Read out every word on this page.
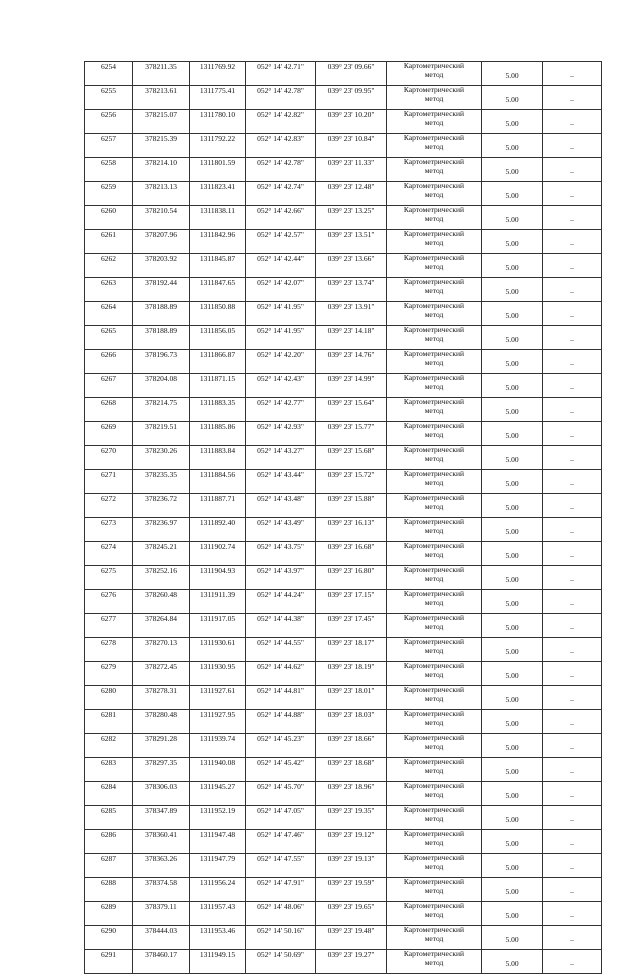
6254	378211.35	1311769.92	052° 14' 42.71"	039° 23' 09.66"	Картометрический
метод	5.00	–
6255	378213.61	1311775.41	052° 14' 42.78"	039° 23' 09.95"	Картометрический
метод	5.00	–
6256	378215.07	1311780.10	052° 14' 42.82"	039° 23' 10.20"	Картометрический
метод	5.00	–
6257	378215.39	1311792.22	052° 14' 42.83"	039° 23' 10.84"	Картометрический
метод	5.00	–
6258	378214.10	1311801.59	052° 14' 42.78"	039° 23' 11.33"	Картометрический
метод	5.00	–
6259	378213.13	1311823.41	052° 14' 42.74"	039° 23' 12.48"	Картометрический
метод	5.00	–
6260	378210.54	1311838.11	052° 14' 42.66"	039° 23' 13.25"	Картометрический
метод	5.00	–
6261	378207.96	1311842.96	052° 14' 42.57"	039° 23' 13.51"	Картометрический
метод	5.00	–
6262	378203.92	1311845.87	052° 14' 42.44"	039° 23' 13.66"	Картометрический
метод	5.00	–
6263	378192.44	1311847.65	052° 14' 42.07"	039° 23' 13.74"	Картометрический
метод	5.00	–
6264	378188.89	1311850.88	052° 14' 41.95"	039° 23' 13.91"	Картометрический
метод	5.00	–
6265	378188.89	1311856.05	052° 14' 41.95"	039° 23' 14.18"	Картометрический
метод	5.00	–
6266	378196.73	1311866.87	052° 14' 42.20"	039° 23' 14.76"	Картометрический
метод	5.00	–
6267	378204.08	1311871.15	052° 14' 42.43"	039° 23' 14.99"	Картометрический
метод	5.00	–
6268	378214.75	1311883.35	052° 14' 42.77"	039° 23' 15.64"	Картометрический
метод	5.00	–
6269	378219.51	1311885.86	052° 14' 42.93"	039° 23' 15.77"	Картометрический
метод	5.00	–
6270	378230.26	1311883.84	052° 14' 43.27"	039° 23' 15.68"	Картометрический
метод	5.00	–
6271	378235.35	1311884.56	052° 14' 43.44"	039° 23' 15.72"	Картометрический
метод	5.00	–
6272	378236.72	1311887.71	052° 14' 43.48"	039° 23' 15.88"	Картометрический
метод	5.00	–
6273	378236.97	1311892.40	052° 14' 43.49"	039° 23' 16.13"	Картометрический
метод	5.00	–
6274	378245.21	1311902.74	052° 14' 43.75"	039° 23' 16.68"	Картометрический
метод	5.00	–
6275	378252.16	1311904.93	052° 14' 43.97"	039° 23' 16.80"	Картометрический
метод	5.00	–
6276	378260.48	1311911.39	052° 14' 44.24"	039° 23' 17.15"	Картометрический
метод	5.00	–
6277	378264.84	1311917.05	052° 14' 44.38"	039° 23' 17.45"	Картометрический
метод	5.00	–
6278	378270.13	1311930.61	052° 14' 44.55"	039° 23' 18.17"	Картометрический
метод	5.00	–
6279	378272.45	1311930.95	052° 14' 44.62"	039° 23' 18.19"	Картометрический
метод	5.00	–
6280	378278.31	1311927.61	052° 14' 44.81"	039° 23' 18.01"	Картометрический
метод	5.00	–
6281	378280.48	1311927.95	052° 14' 44.88"	039° 23' 18.03"	Картометрический
метод	5.00	–
6282	378291.28	1311939.74	052° 14' 45.23"	039° 23' 18.66"	Картометрический
метод	5.00	–
6283	378297.35	1311940.08	052° 14' 45.42"	039° 23' 18.68"	Картометрический
метод	5.00	–
6284	378306.03	1311945.27	052° 14' 45.70"	039° 23' 18.96"	Картометрический
метод	5.00	–
6285	378347.89	1311952.19	052° 14' 47.05"	039° 23' 19.35"	Картометрический
метод	5.00	–
6286	378360.41	1311947.48	052° 14' 47.46"	039° 23' 19.12"	Картометрический
метод	5.00	–
6287	378363.26	1311947.79	052° 14' 47.55"	039° 23' 19.13"	Картометрический
метод	5.00	–
6288	378374.58	1311956.24	052° 14' 47.91"	039° 23' 19.59"	Картометрический
метод	5.00	–
6289	378379.11	1311957.43	052° 14' 48.06"	039° 23' 19.65"	Картометрический
метод	5.00	–
6290	378444.03	1311953.46	052° 14' 50.16"	039° 23' 19.48"	Картометрический
метод	5.00	–
6291	378460.17	1311949.15	052° 14' 50.69"	039° 23' 19.27"	Картометрический
метод	5.00	–
